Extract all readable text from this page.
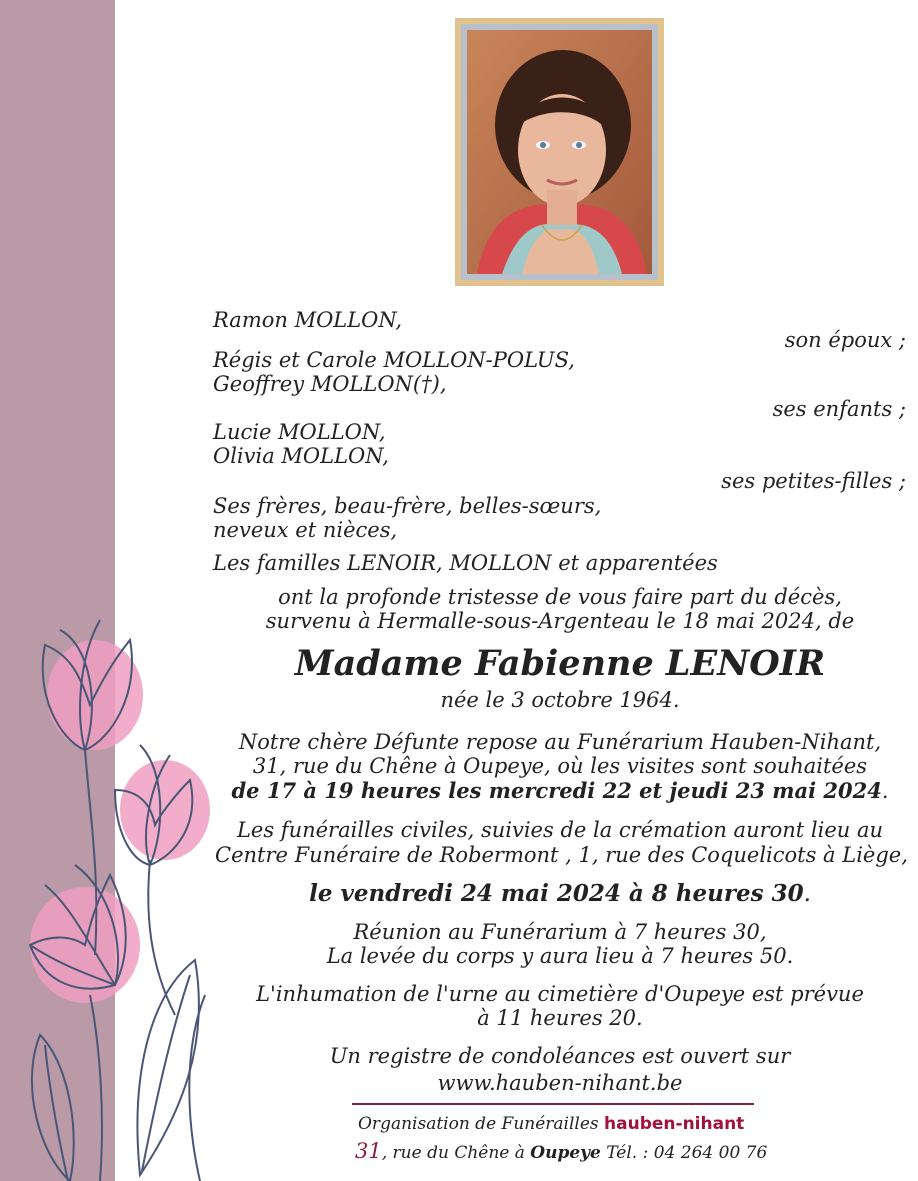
Ramon MOLLON,
son époux ;
Régis et Carole MOLLON-POLUS,
Geoffrey MOLLON(†),
ses enfants ;
Lucie MOLLON,
Olivia MOLLON,
ses petites-filles ;
Ses frères, beau-frère, belles-sœurs,
neveux et nièces,
Les familles LENOIR, MOLLON et apparentées
ont la profonde tristesse de vous faire part du décès,
survenu à Hermalle-sous-Argenteau le 18 mai 2024, de
Madame Fabienne LENOIR
née le 3 octobre 1964.
Notre chère Défunte repose au Funérarium Hauben-Nihant,
31, rue du Chêne à Oupeye, où les visites sont souhaitées
de 17 à 19 heures les mercredi 22 et jeudi 23 mai 2024.
Les funérailles civiles, suivies de la crémation auront lieu au
Centre Funéraire de Robermont , 1, rue des Coquelicots à Liège,
le vendredi 24 mai 2024 à 8 heures 30.
Réunion au Funérarium à 7 heures 30,
La levée du corps y aura lieu à 7 heures 50.
L'inhumation de l'urne au cimetière d'Oupeye est prévue
à 11 heures 20.
Un registre de condoléances est ouvert sur
www.hauben-nihant.be
Organisation de Funérailles hauben-nihant
31, rue du Chêne à Oupeye Tél. : 04 264 00 76
